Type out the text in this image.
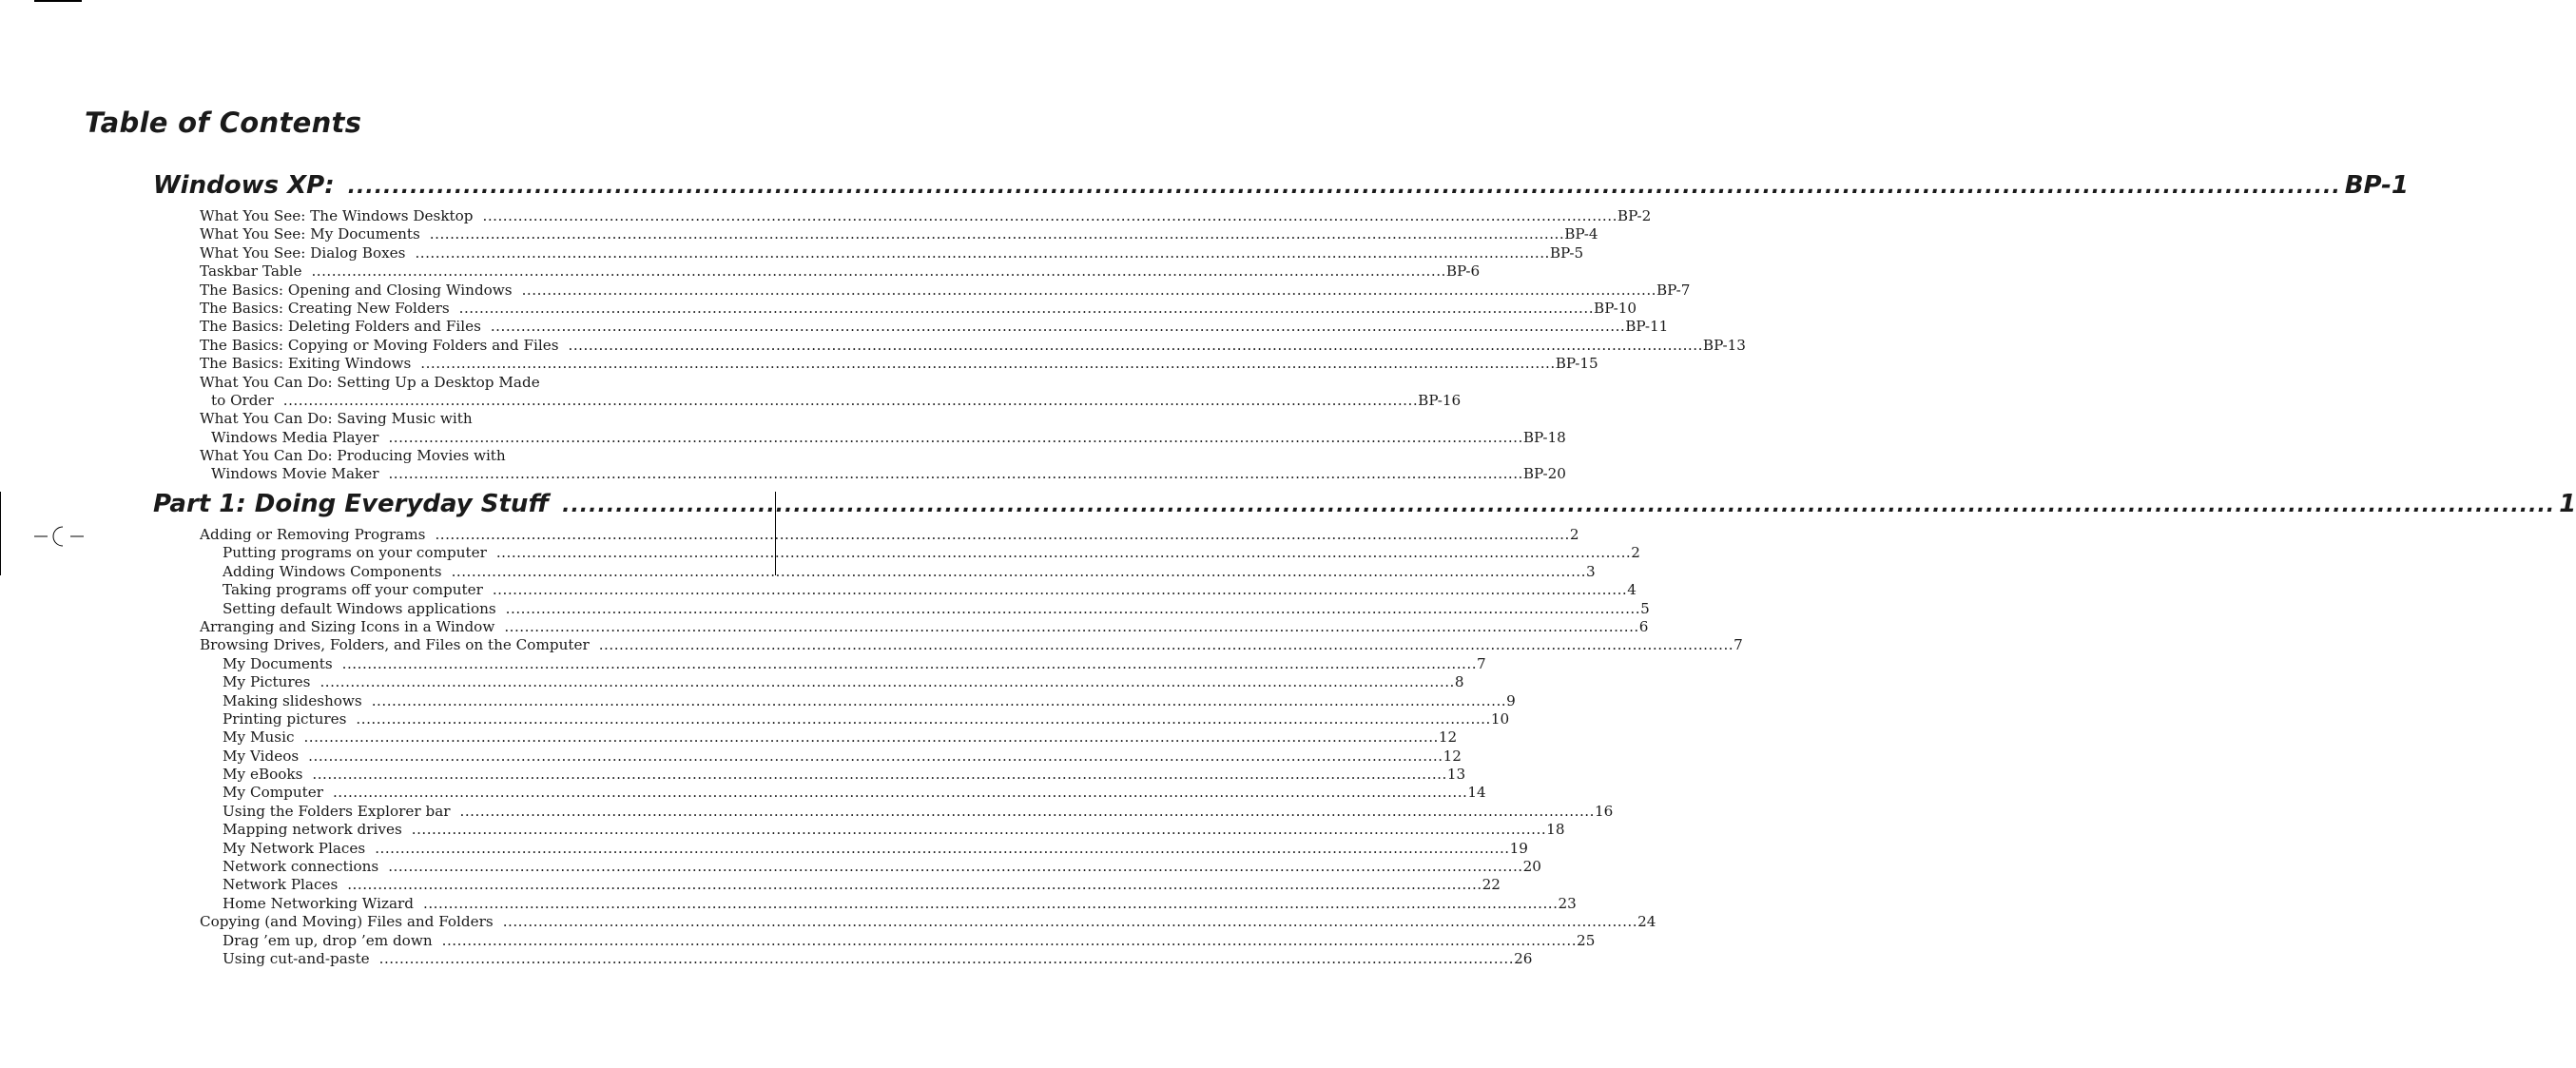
Table of Contents
Windows XP: ................................................................................................................................................................................................................................ BP-1
What You See: The Windows Desktop ................................................................................................................................................................................................................................ BP-2
What You See: My Documents ................................................................................................................................................................................................................................ BP-4
What You See: Dialog Boxes ................................................................................................................................................................................................................................ BP-5
Taskbar Table ................................................................................................................................................................................................................................ BP-6
The Basics: Opening and Closing Windows ................................................................................................................................................................................................................................ BP-7
The Basics: Creating New Folders ................................................................................................................................................................................................................................ BP-10
The Basics: Deleting Folders and Files ................................................................................................................................................................................................................................ BP-11
The Basics: Copying or Moving Folders and Files ................................................................................................................................................................................................................................ BP-13
The Basics: Exiting Windows ................................................................................................................................................................................................................................ BP-15
What You Can Do: Setting Up a Desktop Made
to Order ................................................................................................................................................................................................................................ BP-16
What You Can Do: Saving Music with
Windows Media Player ................................................................................................................................................................................................................................ BP-18
What You Can Do: Producing Movies with
Windows Movie Maker ................................................................................................................................................................................................................................ BP-20
Part 1: Doing Everyday Stuff ................................................................................................................................................................................................................................ 1
Adding or Removing Programs ................................................................................................................................................................................................................................ 2
Putting programs on your computer ................................................................................................................................................................................................................................ 2
Adding Windows Components ................................................................................................................................................................................................................................ 3
Taking programs off your computer ................................................................................................................................................................................................................................ 4
Setting default Windows applications ................................................................................................................................................................................................................................ 5
Arranging and Sizing Icons in a Window ................................................................................................................................................................................................................................ 6
Browsing Drives, Folders, and Files on the Computer ................................................................................................................................................................................................................................ 7
My Documents ................................................................................................................................................................................................................................ 7
My Pictures ................................................................................................................................................................................................................................ 8
Making slideshows ................................................................................................................................................................................................................................ 9
Printing pictures ................................................................................................................................................................................................................................ 10
My Music ................................................................................................................................................................................................................................ 12
My Videos ................................................................................................................................................................................................................................ 12
My eBooks ................................................................................................................................................................................................................................ 13
My Computer ................................................................................................................................................................................................................................ 14
Using the Folders Explorer bar ................................................................................................................................................................................................................................ 16
Mapping network drives ................................................................................................................................................................................................................................ 18
My Network Places ................................................................................................................................................................................................................................ 19
Network connections ................................................................................................................................................................................................................................ 20
Network Places ................................................................................................................................................................................................................................ 22
Home Networking Wizard ................................................................................................................................................................................................................................ 23
Copying (and Moving) Files and Folders ................................................................................................................................................................................................................................ 24
Drag ’em up, drop ’em down ................................................................................................................................................................................................................................ 25
Using cut-and-paste ................................................................................................................................................................................................................................ 26
